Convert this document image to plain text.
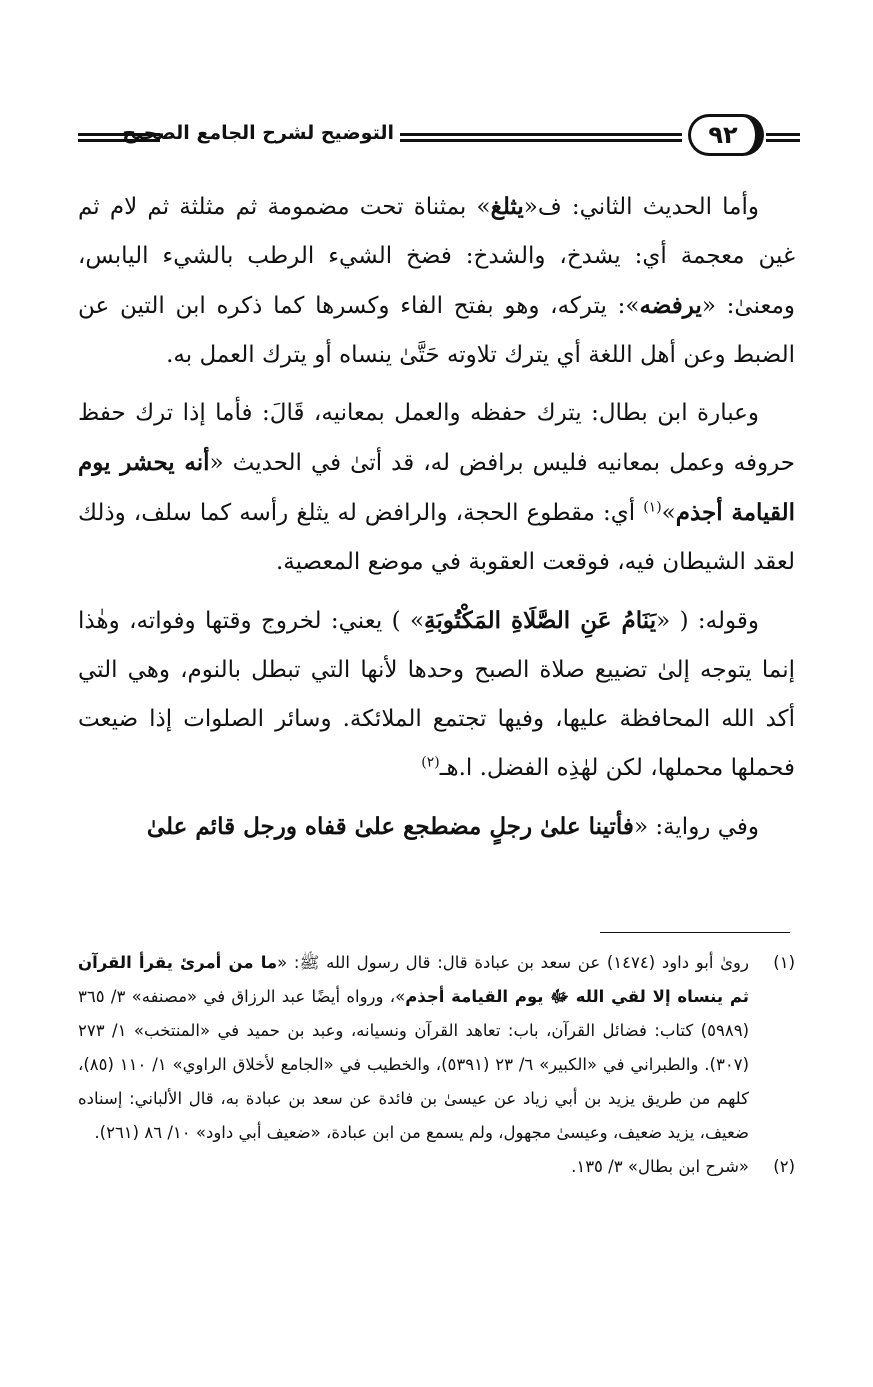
التوضيح لشرح الجامع الصحيح	٩٢

وأما الحديث الثاني: ف«يثلغ» بمثناة تحت مضمومة ثم مثلثة ثم لام ثم غين معجمة أي: يشدخ، والشدخ: فضخ الشيء الرطب بالشيء اليابس، ومعنىٰ: «يرفضه»: يتركه، وهو بفتح الفاء وكسرها كما ذكره ابن التين عن الضبط وعن أهل اللغة أي يترك تلاوته حَتَّىٰ ينساه أو يترك العمل به.

وعبارة ابن بطال: يترك حفظه والعمل بمعانيه، قَالَ: فأما إذا ترك حفظ حروفه وعمل بمعانيه فليس برافض له، قد أتىٰ في الحديث «أنه يحشر يوم القيامة أجذم»$^{(١)}$ أي: مقطوع الحجة، والرافض له يثلغ رأسه كما سلف، وذلك لعقد الشيطان فيه، فوقعت العقوبة في موضع المعصية.

وقوله: ( «يَنَامُ عَنِ الصَّلَاةِ المَكْتُوبَةِ» ) يعني: لخروج وقتها وفواته، وهٰذا إنما يتوجه إلىٰ تضييع صلاة الصبح وحدها لأنها التي تبطل بالنوم، وهي التي أكد الله المحافظة عليها، وفيها تجتمع الملائكة. وسائر الصلوات إذا ضيعت فحملها محملها، لكن لهٰذِه الفضل. ا.هـ$^{(٢)}$

وفي رواية: «فأتينا علىٰ رجلٍ مضطجع علىٰ قفاه ورجل قائم علىٰ

(١)
رویٰ أبو داود (١٤٧٤) عن سعد بن عبادة قال: قال رسول الله ﷺ: «ما من أمرئ يقرأ القرآن ثم ينساه إلا لقي الله ﷻ يوم القيامة أجذم»، ورواه أيضًا عبد الرزاق في «مصنفه» ٣/ ٣٦٥ (٥٩٨٩) كتاب: فضائل القرآن، باب: تعاهد القرآن ونسيانه، وعبد بن حميد في «المنتخب» ١/ ٢٧٣ (٣٠٧). والطبراني في «الكبير» ٦/ ٢٣ (٥٣٩١)، والخطيب في «الجامع لأخلاق الراوي» ١/ ١١٠ (٨٥)، كلهم من طريق يزيد بن أبي زياد عن عيسىٰ بن فائدة عن سعد بن عبادة به، قال الألباني: إسناده ضعيف، يزيد ضعيف، وعيسىٰ مجهول، ولم يسمع من ابن عبادة، «ضعيف أبي داود» ١٠/ ٨٦ (٢٦١).
(٢)
«شرح ابن بطال» ٣/ ١٣٥.
